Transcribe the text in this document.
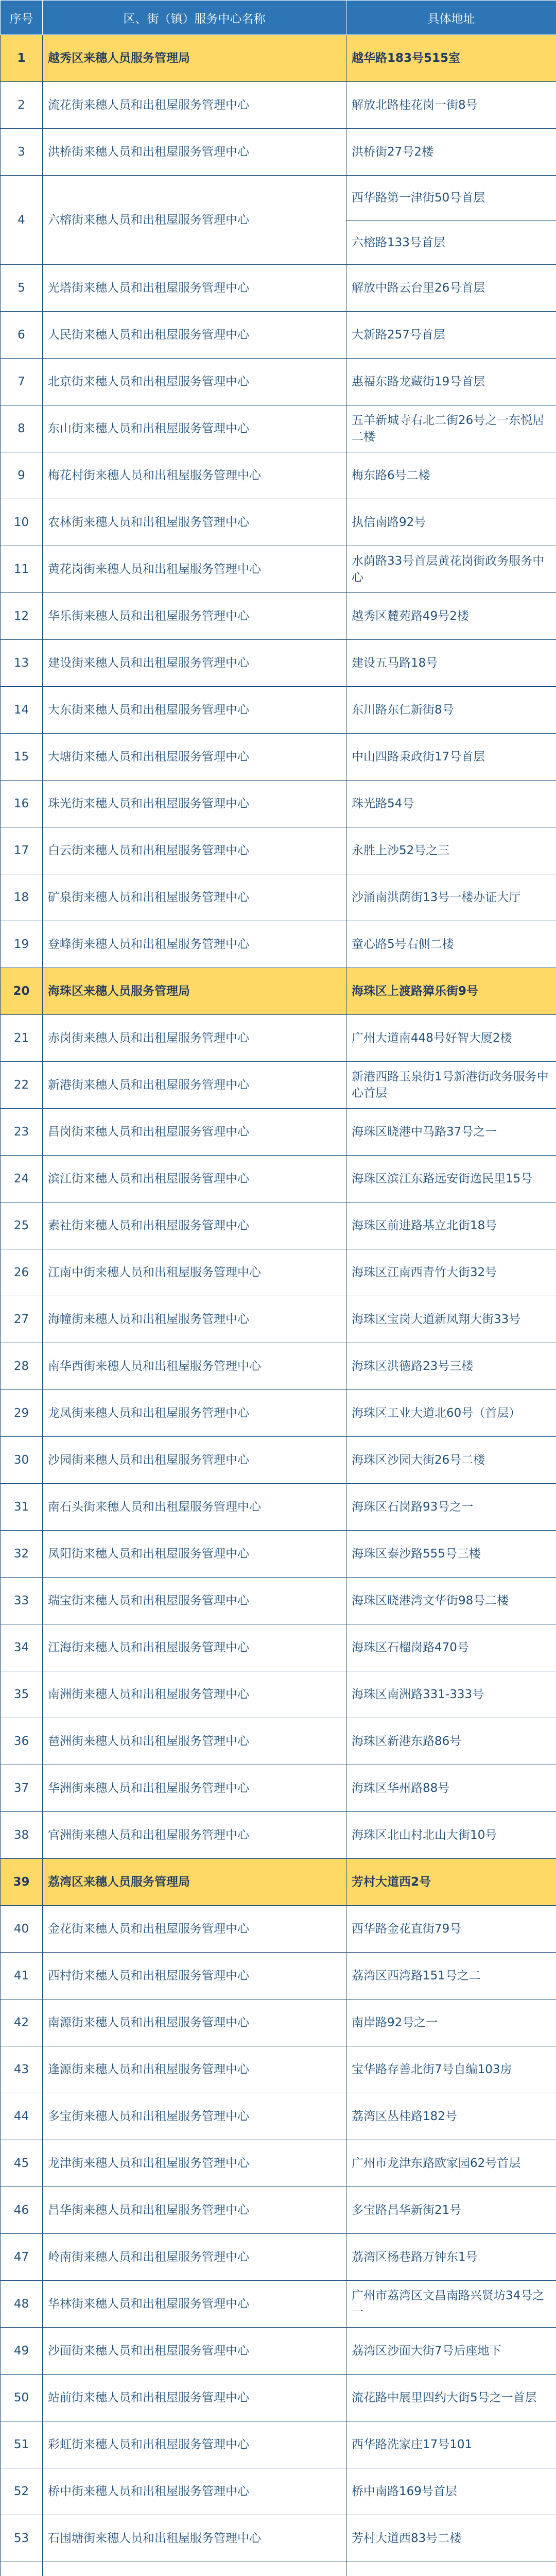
序号	区、街（镇）服务中心名称	具体地址
1	越秀区来穗人员服务管理局	越华路183号515室
2	流花街来穗人员和出租屋服务管理中心	解放北路桂花岗一街8号
3	洪桥街来穗人员和出租屋服务管理中心	洪桥街27号2楼
4	六榕街来穗人员和出租屋服务管理中心	西华路第一津街50号首层
六榕路133号首层

5	光塔街来穗人员和出租屋服务管理中心	解放中路云台里26号首层
6	人民街来穗人员和出租屋服务管理中心	大新路257号首层
7	北京街来穗人员和出租屋服务管理中心	惠福东路龙藏街19号首层
8	东山街来穗人员和出租屋服务管理中心	五羊新城寺右北二街26号之一东悦居二楼
9	梅花村街来穗人员和出租屋服务管理中心	梅东路6号二楼
10	农林街来穗人员和出租屋服务管理中心	执信南路92号
11	黄花岗街来穗人员和出租屋服务管理中心	水荫路33号首层黄花岗街政务服务中心
12	华乐街来穗人员和出租屋服务管理中心	越秀区麓苑路49号2楼
13	建设街来穗人员和出租屋服务管理中心	建设五马路18号
14	大东街来穗人员和出租屋服务管理中心	东川路东仁新街8号
15	大塘街来穗人员和出租屋服务管理中心	中山四路秉政街17号首层
16	珠光街来穗人员和出租屋服务管理中心	珠光路54号
17	白云街来穗人员和出租屋服务管理中心	永胜上沙52号之三
18	矿泉街来穗人员和出租屋服务管理中心	沙涌南洪荫街13号一楼办证大厅
19	登峰街来穗人员和出租屋服务管理中心	童心路5号右侧二楼
20	海珠区来穗人员服务管理局	海珠区上渡路獐乐街9号
21	赤岗街来穗人员和出租屋服务管理中心	广州大道南448号好智大厦2楼
22	新港街来穗人员和出租屋服务管理中心	新港西路玉泉街1号新港街政务服务中心首层
23	昌岗街来穗人员和出租屋服务管理中心	海珠区晓港中马路37号之一
24	滨江街来穗人员和出租屋服务管理中心	海珠区滨江东路远安街逸民里15号
25	素社街来穗人员和出租屋服务管理中心	海珠区前进路基立北街18号
26	江南中街来穗人员和出租屋服务管理中心	海珠区江南西青竹大街32号
27	海幢街来穗人员和出租屋服务管理中心	海珠区宝岗大道新凤翔大街33号
28	南华西街来穗人员和出租屋服务管理中心	海珠区洪德路23号三楼
29	龙凤街来穗人员和出租屋服务管理中心	海珠区工业大道北60号（首层）
30	沙园街来穗人员和出租屋服务管理中心	海珠区沙园大街26号二楼
31	南石头街来穗人员和出租屋服务管理中心	海珠区石岗路93号之一
32	凤阳街来穗人员和出租屋服务管理中心	海珠区泰沙路555号三楼
33	瑞宝街来穗人员和出租屋服务管理中心	海珠区晓港湾文华街98号二楼
34	江海街来穗人员和出租屋服务管理中心	海珠区石榴岗路470号
35	南洲街来穗人员和出租屋服务管理中心	海珠区南洲路331-333号
36	琶洲街来穗人员和出租屋服务管理中心	海珠区新港东路86号
37	华洲街来穗人员和出租屋服务管理中心	海珠区华州路88号
38	官洲街来穗人员和出租屋服务管理中心	海珠区北山村北山大街10号
39	荔湾区来穗人员服务管理局	芳村大道西2号
40	金花街来穗人员和出租屋服务管理中心	西华路金花直街79号
41	西村街来穗人员和出租屋服务管理中心	荔湾区西湾路151号之二
42	南源街来穗人员和出租屋服务管理中心	南岸路92号之一
43	逢源街来穗人员和出租屋服务管理中心	宝华路存善北街7号自编103房
44	多宝街来穗人员和出租屋服务管理中心	荔湾区丛桂路182号
45	龙津街来穗人员和出租屋服务管理中心	广州市龙津东路欧家园62号首层
46	昌华街来穗人员和出租屋服务管理中心	多宝路昌华新街21号
47	岭南街来穗人员和出租屋服务管理中心	荔湾区杨巷路万钟东1号
48	华林街来穗人员和出租屋服务管理中心	广州市荔湾区文昌南路兴贤坊34号之一
49	沙面街来穗人员和出租屋服务管理中心	荔湾区沙面大街7号后座地下
50	站前街来穗人员和出租屋服务管理中心	流花路中展里四约大街5号之一首层
51	彩虹街来穗人员和出租屋服务管理中心	西华路洗家庄17号101
52	桥中街来穗人员和出租屋服务管理中心	桥中南路169号首层
53	石围塘街来穗人员和出租屋服务管理中心	芳村大道西83号二楼
